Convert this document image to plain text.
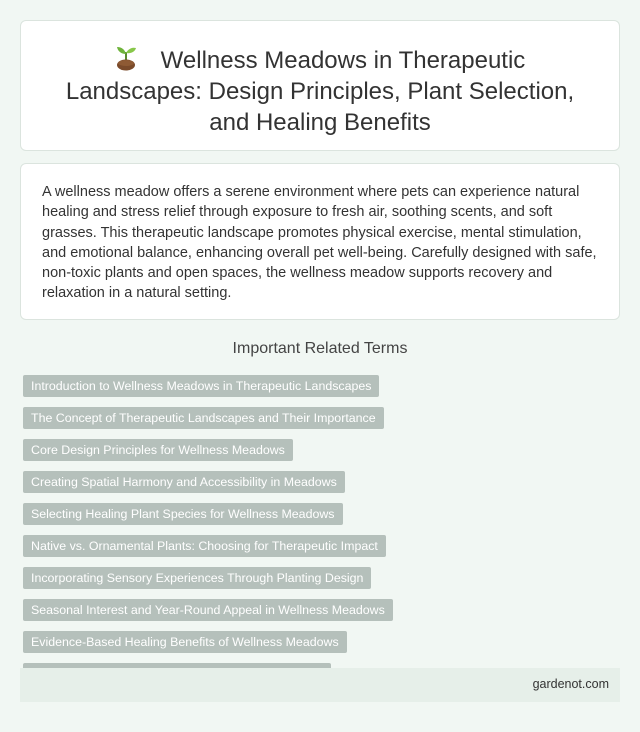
Wellness Meadows in Therapeutic Landscapes: Design Principles, Plant Selection, and Healing Benefits

A wellness meadow offers a serene environment where pets can experience natural healing and stress relief through exposure to fresh air, soothing scents, and soft grasses. This therapeutic landscape promotes physical exercise, mental stimulation, and emotional balance, enhancing overall pet well-being. Carefully designed with safe, non-toxic plants and open spaces, the wellness meadow supports recovery and relaxation in a natural setting.

Important Related Terms
Introduction to Wellness Meadows in Therapeutic Landscapes
The Concept of Therapeutic Landscapes and Their Importance
Core Design Principles for Wellness Meadows
Creating Spatial Harmony and Accessibility in Meadows
Selecting Healing Plant Species for Wellness Meadows
Native vs. Ornamental Plants: Choosing for Therapeutic Impact
Incorporating Sensory Experiences Through Planting Design
Seasonal Interest and Year-Round Appeal in Wellness Meadows
Evidence-Based Healing Benefits of Wellness Meadows
gardenot.com
